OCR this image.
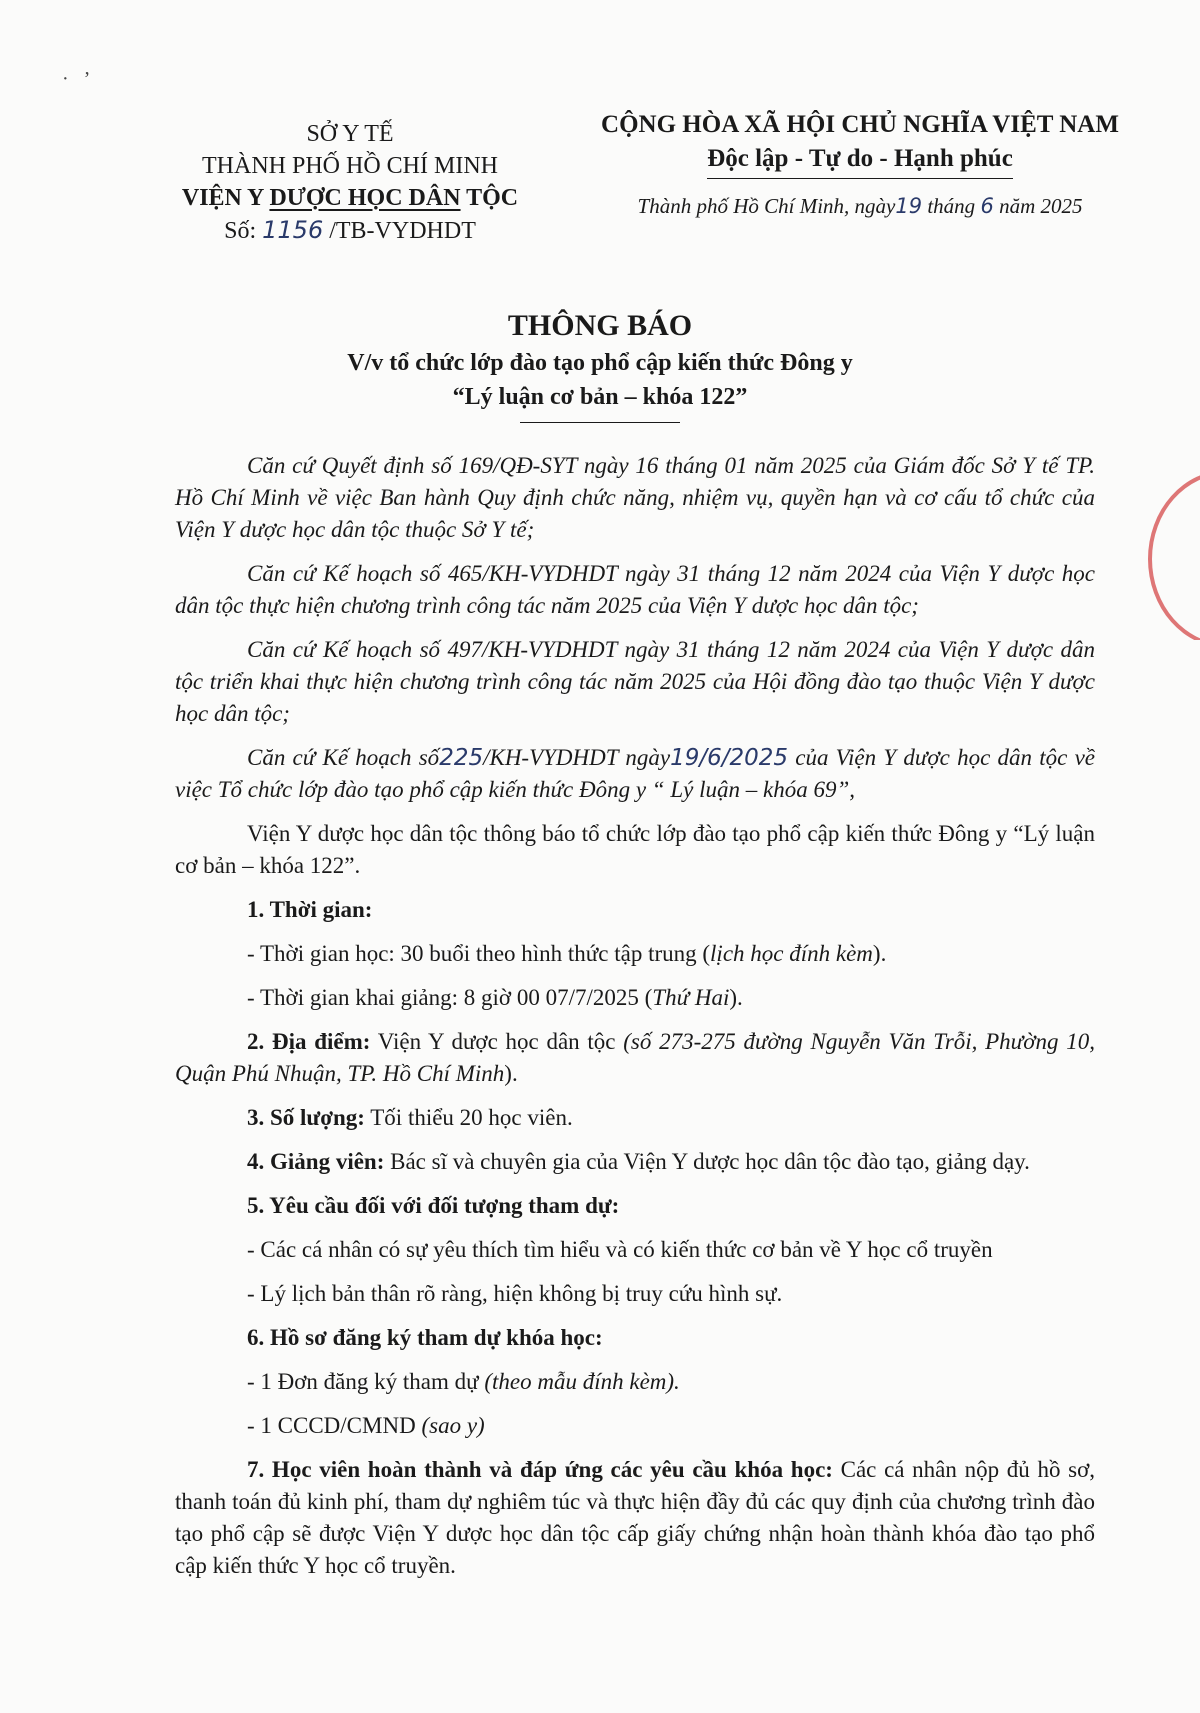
·   ’
SỞ Y TẾ
THÀNH PHỐ HỒ CHÍ MINH
VIỆN Y DƯỢC HỌC DÂN TỘC
Số: 1156 /TB-VYDHDT
CỘNG HÒA XÃ HỘI CHỦ NGHĨA VIỆT NAM
Độc lập - Tự do - Hạnh phúc
Thành phố Hồ Chí Minh, ngày19 tháng 6 năm 2025
THÔNG BÁO
V/v tổ chức lớp đào tạo phổ cập kiến thức Đông y
“Lý luận cơ bản – khóa 122”

Căn cứ Quyết định số 169/QĐ-SYT ngày 16 tháng 01 năm 2025 của Giám đốc Sở Y tế TP. Hồ Chí Minh về việc Ban hành Quy định chức năng, nhiệm vụ, quyền hạn và cơ cấu tổ chức của Viện Y dược học dân tộc thuộc Sở Y tế;

Căn cứ Kế hoạch số 465/KH-VYDHDT ngày 31 tháng 12 năm 2024 của Viện Y dược học dân tộc thực hiện chương trình công tác năm 2025 của Viện Y dược học dân tộc;

Căn cứ Kế hoạch số 497/KH-VYDHDT ngày 31 tháng 12 năm 2024 của Viện Y dược dân tộc triển khai thực hiện chương trình công tác năm 2025 của Hội đồng đào tạo thuộc Viện Y dược học dân tộc;

Căn cứ Kế hoạch số225/KH-VYDHDT ngày19/6/2025 của Viện Y dược học dân tộc về việc Tổ chức lớp đào tạo phổ cập kiến thức Đông y “ Lý luận – khóa 69”,

Viện Y dược học dân tộc thông báo tổ chức lớp đào tạo phổ cập kiến thức Đông y “Lý luận cơ bản – khóa 122”.

1. Thời gian:

- Thời gian học: 30 buổi theo hình thức tập trung (lịch học đính kèm).

- Thời gian khai giảng: 8 giờ 00 07/7/2025 (Thứ Hai).

2. Địa điểm: Viện Y dược học dân tộc (số 273-275 đường Nguyễn Văn Trỗi, Phường 10, Quận Phú Nhuận, TP. Hồ Chí Minh).

3. Số lượng: Tối thiểu 20 học viên.

4. Giảng viên: Bác sĩ và chuyên gia của Viện Y dược học dân tộc đào tạo, giảng dạy.

5. Yêu cầu đối với đối tượng tham dự:

- Các cá nhân có sự yêu thích tìm hiểu và có kiến thức cơ bản về Y học cổ truyền

- Lý lịch bản thân rõ ràng, hiện không bị truy cứu hình sự.

6. Hồ sơ đăng ký tham dự khóa học:

- 1 Đơn đăng ký tham dự (theo mẫu đính kèm).

- 1 CCCD/CMND (sao y)

7. Học viên hoàn thành và đáp ứng các yêu cầu khóa học: Các cá nhân nộp đủ hồ sơ, thanh toán đủ kinh phí, tham dự nghiêm túc và thực hiện đầy đủ các quy định của chương trình đào tạo phổ cập sẽ được Viện Y dược học dân tộc cấp giấy chứng nhận hoàn thành khóa đào tạo phổ cập kiến thức Y học cổ truyền.
